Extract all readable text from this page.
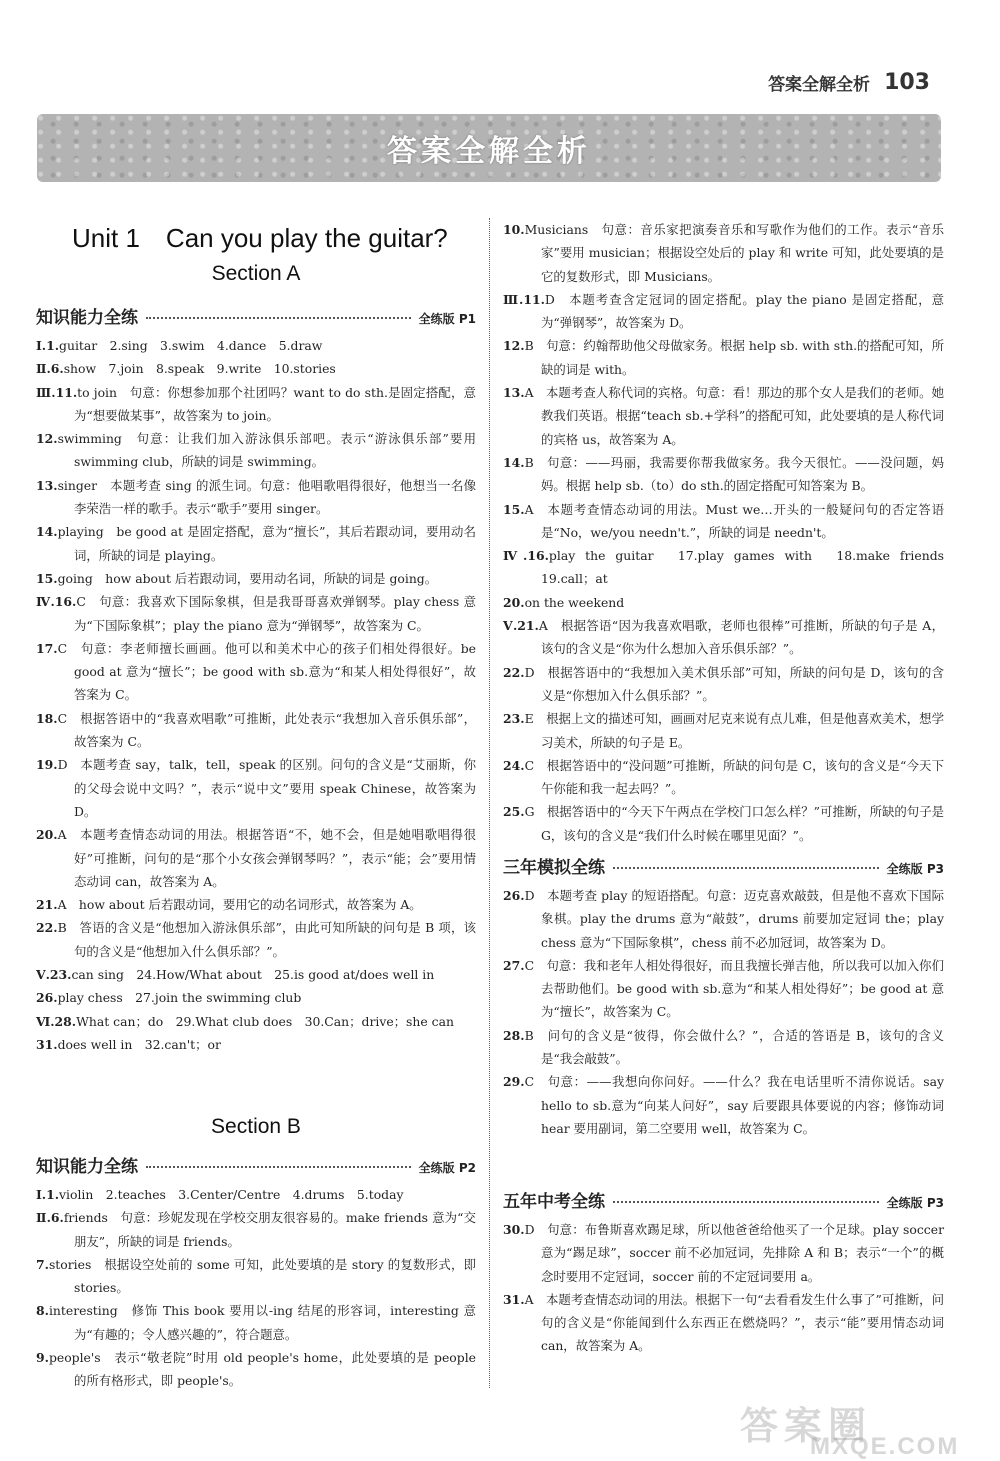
答案全解全析 103
答案全解全析
Unit 1　Can you play the guitar?
Section A
知识能力全练	全练版 P1
Ⅰ.1.guitar　2.sing　3.swim　4.dance　5.draw
Ⅱ.6.show　7.join　8.speak　9.write　10.stories
Ⅲ.11.to join　句意：你想参加那个社团吗？want to do sth.是固定搭配，意为“想要做某事”，故答案为 to join。
12.swimming　句意：让我们加入游泳俱乐部吧。表示“游泳俱乐部”要用 swimming club，所缺的词是 swimming。
13.singer　本题考查 sing 的派生词。句意：他唱歌唱得很好，他想当一名像李荣浩一样的歌手。表示“歌手”要用 singer。
14.playing　be good at 是固定搭配，意为“擅长”，其后若跟动词，要用动名词，所缺的词是 playing。
15.going　how about 后若跟动词，要用动名词，所缺的词是 going。
Ⅳ.16.C　句意：我喜欢下国际象棋，但是我哥哥喜欢弹钢琴。play chess 意为“下国际象棋”；play the piano 意为“弹钢琴”，故答案为 C。
17.C　句意：李老师擅长画画。他可以和美术中心的孩子们相处得很好。be good at 意为“擅长”；be good with sb.意为“和某人相处得很好”，故答案为 C。
18.C　根据答语中的“我喜欢唱歌”可推断，此处表示“我想加入音乐俱乐部”，故答案为 C。
19.D　本题考查 say，talk，tell，speak 的区别。问句的含义是“艾丽斯，你的父母会说中文吗？”，表示“说中文”要用 speak Chinese，故答案为 D。
20.A　本题考查情态动词的用法。根据答语“不，她不会，但是她唱歌唱得很好”可推断，问句的是“那个小女孩会弹钢琴吗？”，表示“能；会”要用情态动词 can，故答案为 A。
21.A　how about 后若跟动词，要用它的动名词形式，故答案为 A。
22.B　答语的含义是“他想加入游泳俱乐部”，由此可知所缺的问句是 B 项，该句的含义是“他想加入什么俱乐部？”。
Ⅴ.23.can sing　24.How/What about　25.is good at/does well in
26.play chess　27.join the swimming club
Ⅵ.28.What can；do　29.What club does　30.Can；drive；she can
31.does well in　32.can't；or
Section B
知识能力全练	全练版 P2
Ⅰ.1.violin　2.teaches　3.Center/Centre　4.drums　5.today
Ⅱ.6.friends　句意：珍妮发现在学校交朋友很容易的。make friends 意为“交朋友”，所缺的词是 friends。
7.stories　根据设空处前的 some 可知，此处要填的是 story 的复数形式，即 stories。
8.interesting　修饰 This book 要用以-ing 结尾的形容词，interesting 意为“有趣的；令人感兴趣的”，符合题意。
9.people's　表示“敬老院”时用 old people's home，此处要填的是 people 的所有格形式，即 people's。
10.Musicians　句意：音乐家把演奏音乐和写歌作为他们的工作。表示“音乐家”要用 musician；根据设空处后的 play 和 write 可知，此处要填的是它的复数形式，即 Musicians。
Ⅲ.11.D　本题考查含定冠词的固定搭配。play the piano 是固定搭配，意为“弹钢琴”，故答案为 D。
12.B　句意：约翰帮助他父母做家务。根据 help sb. with sth.的搭配可知，所缺的词是 with。
13.A　本题考查人称代词的宾格。句意：看！那边的那个女人是我们的老师。她教我们英语。根据“teach sb.+学科”的搭配可知，此处要填的是人称代词的宾格 us，故答案为 A。
14.B　句意：——玛丽，我需要你帮我做家务。我今天很忙。——没问题，妈妈。根据 help sb.（to）do sth.的固定搭配可知答案为 B。
15.A　本题考查情态动词的用法。Must we…开头的一般疑问句的否定答语是“No，we/you needn't.”，所缺的词是 needn't。
Ⅳ.16.play the guitar　17.play games with　18.make friends　19.call；at
20.on the weekend
Ⅴ.21.A　根据答语“因为我喜欢唱歌，老师也很棒”可推断，所缺的句子是 A，该句的含义是“你为什么想加入音乐俱乐部？”。
22.D　根据答语中的“我想加入美术俱乐部”可知，所缺的问句是 D，该句的含义是“你想加入什么俱乐部？”。
23.E　根据上文的描述可知，画画对尼克来说有点儿难，但是他喜欢美术，想学习美术，所缺的句子是 E。
24.C　根据答语中的“没问题”可推断，所缺的问句是 C，该句的含义是“今天下午你能和我一起去吗？”。
25.G　根据答语中的“今天下午两点在学校门口怎么样？”可推断，所缺的句子是 G，该句的含义是“我们什么时候在哪里见面？”。
三年模拟全练	全练版 P3
26.D　本题考查 play 的短语搭配。句意：迈克喜欢敲鼓，但是他不喜欢下国际象棋。play the drums 意为“敲鼓”，drums 前要加定冠词 the；play chess 意为“下国际象棋”，chess 前不必加冠词，故答案为 D。
27.C　句意：我和老年人相处得很好，而且我擅长弹吉他，所以我可以加入你们去帮助他们。be good with sb.意为“和某人相处得好”；be good at 意为“擅长”，故答案为 C。
28.B　问句的含义是“彼得，你会做什么？”，合适的答语是 B，该句的含义是“我会敲鼓”。
29.C　句意：——我想向你问好。——什么？我在电话里听不清你说话。say hello to sb.意为“向某人问好”，say 后要跟具体要说的内容；修饰动词 hear 要用副词，第二空要用 well，故答案为 C。
五年中考全练	全练版 P3
30.D　句意：布鲁斯喜欢踢足球，所以他爸爸给他买了一个足球。play soccer 意为“踢足球”，soccer 前不必加冠词，先排除 A 和 B；表示“一个”的概念时要用不定冠词，soccer 前的不定冠词要用 a。
31.A　本题考查情态动词的用法。根据下一句“去看看发生什么事了”可推断，问句的含义是“你能闻到什么东西正在燃烧吗？”，表示“能”要用情态动词 can，故答案为 A。
答案圈
MXQE.COM
